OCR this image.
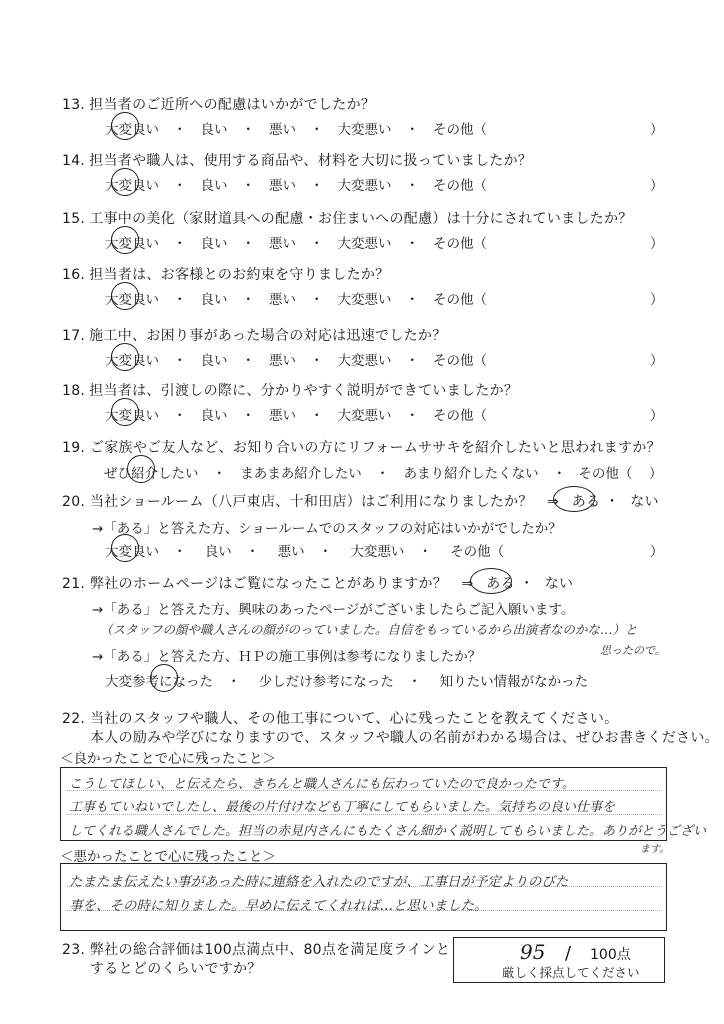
13. 担当者のご近所への配慮はいかがでしたか？
大変良い ・ 良い ・ 悪い ・ 大変悪い ・ その他（	）
14. 担当者や職人は、使用する商品や、材料を大切に扱っていましたか？
大変良い ・ 良い ・ 悪い ・ 大変悪い ・ その他（	）
15. 工事中の美化（家財道具への配慮・お住まいへの配慮）は十分にされていましたか？
大変良い ・ 良い ・ 悪い ・ 大変悪い ・ その他（	）
16. 担当者は、お客様とのお約束を守りましたか？
大変良い ・ 良い ・ 悪い ・ 大変悪い ・ その他（	）
17. 施工中、お困り事があった場合の対応は迅速でしたか？
大変良い ・ 良い ・ 悪い ・ 大変悪い ・ その他（	）
18. 担当者は、引渡しの際に、分かりやすく説明ができていましたか？
大変良い ・ 良い ・ 悪い ・ 大変悪い ・ その他（	）
19. ご家族やご友人など、お知り合いの方にリフォームササキを紹介したいと思われますか？
ぜひ紹介したい ・ まあまあ紹介したい ・ あまり紹介したくない ・ その他（ ）
20. 当社ショールーム（八戸東店、十和田店）はご利用になりましたか？　⇒ ある ・ ない
→「ある」と答えた方、ショールームでのスタッフの対応はいかがでしたか？
大変良い ・ 良い ・ 悪い ・ 大変悪い ・ その他（	）
21. 弊社のホームページはご覧になったことがありますか？　⇒ ある ・ ない
→「ある」と答えた方、興味のあったページがございましたらご記入願います。
（スタッフの顔や職人さんの顔がのっていました。自信をもっているから出演者なのかな…）と
思ったので。
→「ある」と答えた方、ＨＰの施工事例は参考になりましたか？
大変参考になった ・ 少しだけ参考になった ・ 知りたい情報がなかった
22. 当社のスタッフや職人、その他工事について、心に残ったことを教えてください。
本人の励みや学びになりますので、スタッフや職人の名前がわかる場合は、ぜひお書きください。
＜良かったことで心に残ったこと＞
こうしてほしい、と伝えたら、きちんと職人さんにも伝わっていたので良かったです。
工事もていねいでしたし、最後の片付けなども丁寧にしてもらいました。気持ちの良い仕事を
してくれる職人さんでした。担当の赤見内さんにもたくさん細かく説明してもらいました。ありがとうござい
ます。
＜悪かったことで心に残ったこと＞
たまたま伝えたい事があった時に連絡を入れたのですが、工事日が予定よりのびた
事を、その時に知りました。早めに伝えてくれれば…と思いました。
23. 弊社の総合評価は100点満点中、80点を満足度ラインと
するとどのくらいですか？
95 / 100点
厳しく採点してください
